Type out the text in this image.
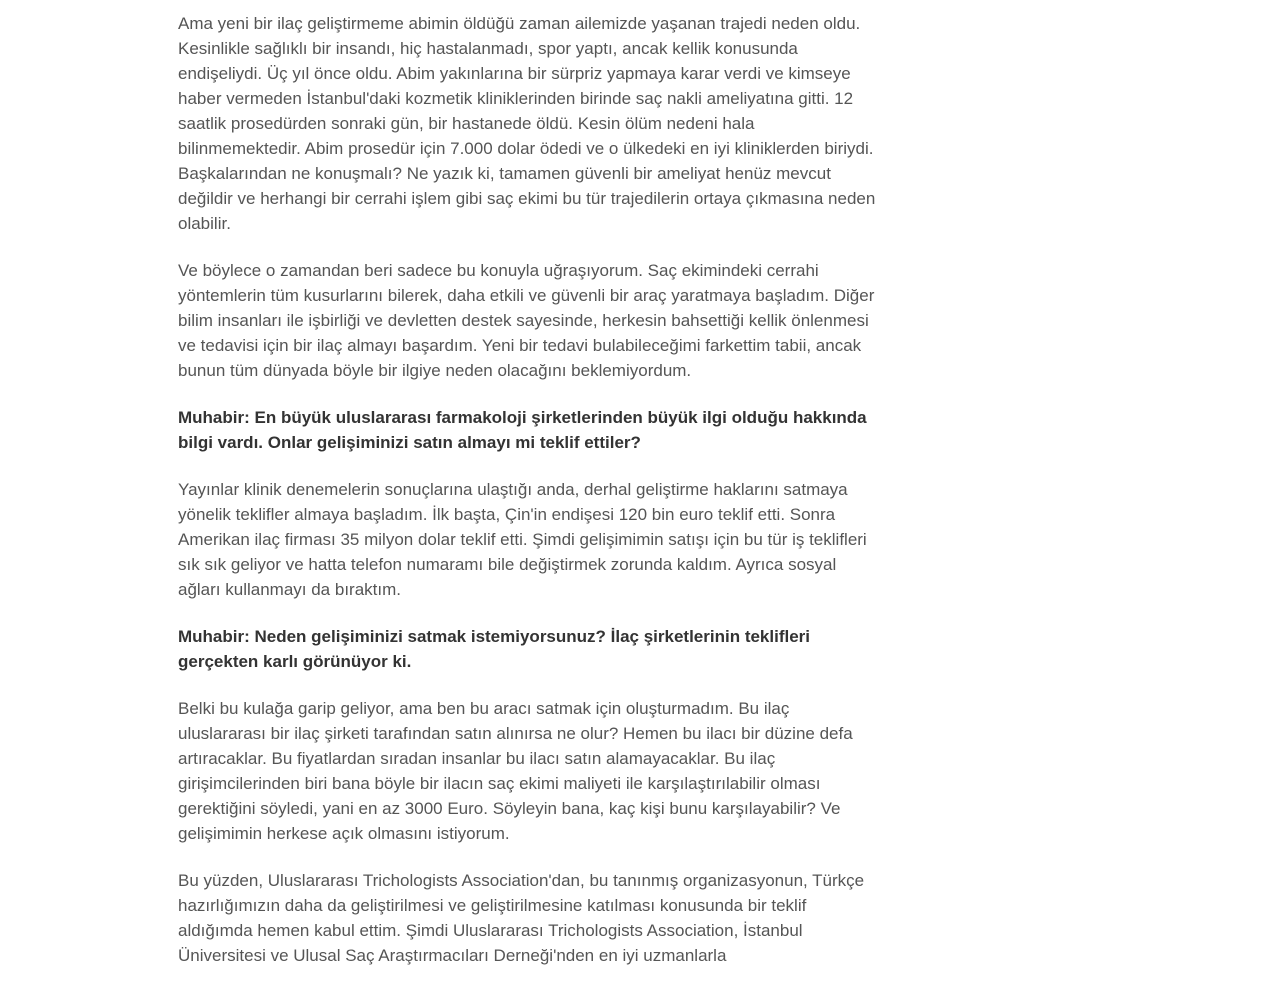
Ama yeni bir ilaç geliştirmeme abimin öldüğü zaman ailemizde yaşanan trajedi neden oldu. Kesinlikle sağlıklı bir insandı, hiç hastalanmadı, spor yaptı, ancak kellik konusunda endişeliydi. Üç yıl önce oldu. Abim yakınlarına bir sürpriz yapmaya karar verdi ve kimseye haber vermeden İstanbul'daki kozmetik kliniklerinden birinde saç nakli ameliyatına gitti. 12 saatlik prosedürden sonraki gün, bir hastanede öldü. Kesin ölüm nedeni hala bilinmemektedir. Abim prosedür için 7.000 dolar ödedi ve o ülkedeki en iyi kliniklerden biriydi. Başkalarından ne konuşmalı? Ne yazık ki, tamamen güvenli bir ameliyat henüz mevcut değildir ve herhangi bir cerrahi işlem gibi saç ekimi bu tür trajedilerin ortaya çıkmasına neden olabilir.

Ve böylece o zamandan beri sadece bu konuyla uğraşıyorum. Saç ekimindeki cerrahi yöntemlerin tüm kusurlarını bilerek, daha etkili ve güvenli bir araç yaratmaya başladım. Diğer bilim insanları ile işbirliği ve devletten destek sayesinde, herkesin bahsettiği kellik önlenmesi ve tedavisi için bir ilaç almayı başardım. Yeni bir tedavi bulabileceğimi farkettim tabii, ancak bunun tüm dünyada böyle bir ilgiye neden olacağını beklemiyordum.

Muhabir: En büyük uluslararası farmakoloji şirketlerinden büyük ilgi olduğu hakkında bilgi vardı. Onlar gelişiminizi satın almayı mi teklif ettiler?

Yayınlar klinik denemelerin sonuçlarına ulaştığı anda, derhal geliştirme haklarını satmaya yönelik teklifler almaya başladım. İlk başta, Çin'in endişesi 120 bin euro teklif etti. Sonra Amerikan ilaç firması 35 milyon dolar teklif etti. Şimdi gelişimimin satışı için bu tür iş teklifleri sık sık geliyor ve hatta telefon numaramı bile değiştirmek zorunda kaldım. Ayrıca sosyal ağları kullanmayı da bıraktım.

Muhabir: Neden gelişiminizi satmak istemiyorsunuz? İlaç şirketlerinin teklifleri gerçekten karlı görünüyor ki.

Belki bu kulağa garip geliyor, ama ben bu aracı satmak için oluşturmadım. Bu ilaç uluslararası bir ilaç şirketi tarafından satın alınırsa ne olur? Hemen bu ilacı bir düzine defa artıracaklar. Bu fiyatlardan sıradan insanlar bu ilacı satın alamayacaklar. Bu ilaç girişimcilerinden biri bana böyle bir ilacın saç ekimi maliyeti ile karşılaştırılabilir olması gerektiğini söyledi, yani en az 3000 Euro. Söyleyin bana, kaç kişi bunu karşılayabilir? Ve gelişimimin herkese açık olmasını istiyorum.

Bu yüzden, Uluslararası Trichologists Association'dan, bu tanınmış organizasyonun, Türkçe hazırlığımızın daha da geliştirilmesi ve geliştirilmesine katılması konusunda bir teklif aldığımda hemen kabul ettim. Şimdi Uluslararası Trichologists Association, İstanbul Üniversitesi ve Ulusal Saç Araştırmacıları Derneği'nden en iyi uzmanlarla
